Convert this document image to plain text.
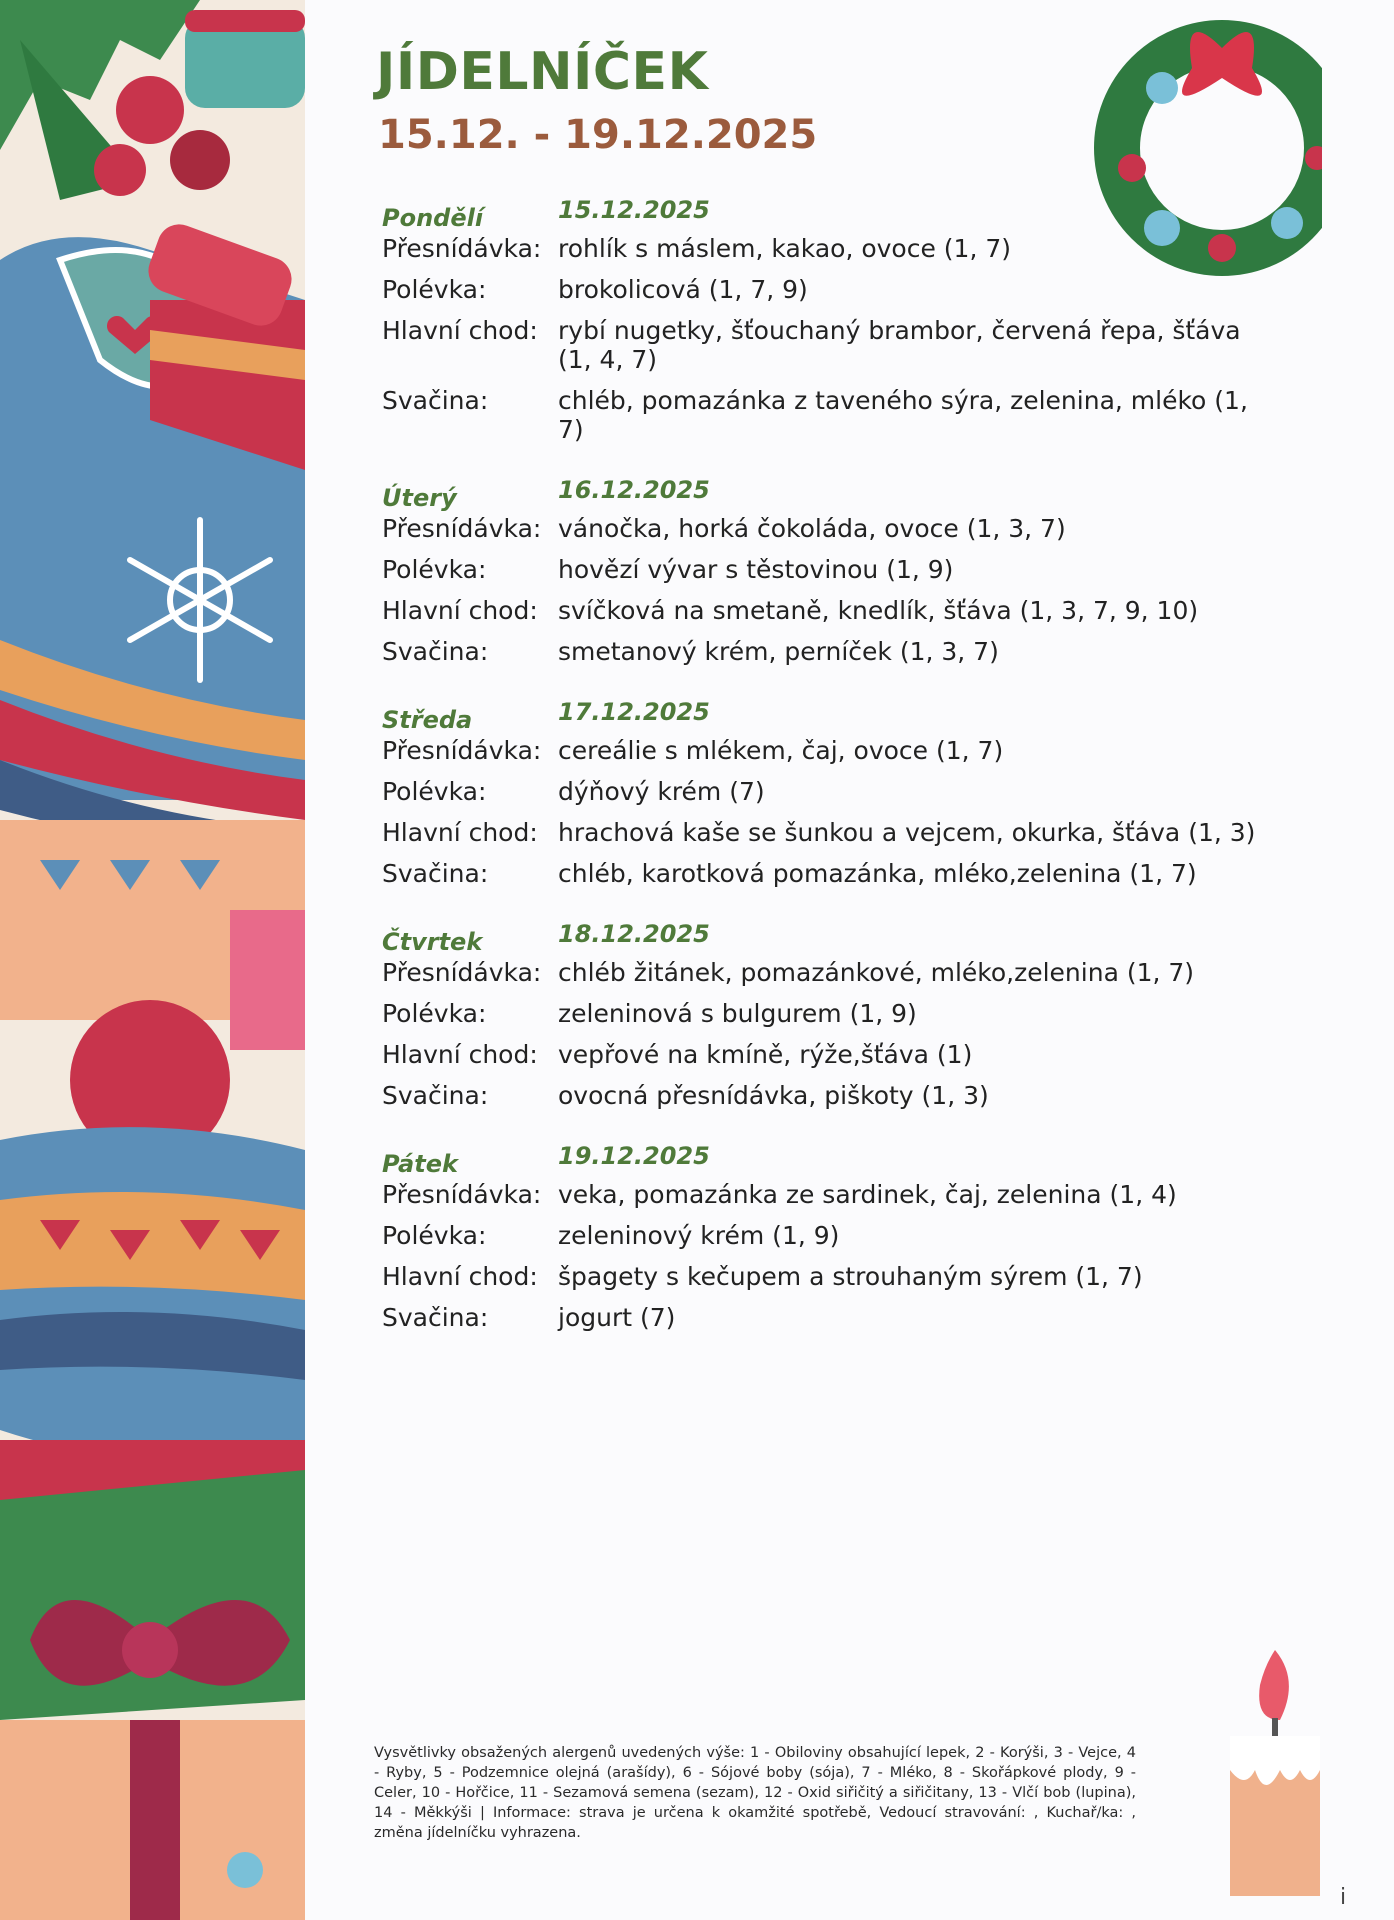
JÍDELNÍČEK
15.12. - 19.12.2025
Pondělí	15.12.2025
Přesnídávka: rohlík s máslem, kakao, ovoce (1, 7)
Polévka:	brokolicová (1, 7, 9)
Hlavní chod: rybí nugetky, šťouchaný brambor, červená řepa, šťáva (1, 4, 7)
Svačina:	chléb, pomazánka z taveného sýra, zelenina, mléko (1, 7)
Úterý	16.12.2025
Přesnídávka: vánočka, horká čokoláda, ovoce (1, 3, 7)
Polévka:	hovězí vývar s těstovinou (1, 9)
Hlavní chod: svíčková na smetaně, knedlík, šťáva (1, 3, 7, 9, 10)
Svačina:	smetanový krém, perníček (1, 3, 7)
Středa	17.12.2025
Přesnídávka: cereálie s mlékem, čaj, ovoce (1, 7)
Polévka:	dýňový krém (7)
Hlavní chod: hrachová kaše se šunkou a vejcem, okurka, šťáva (1, 3)
Svačina:	chléb, karotková pomazánka, mléko,zelenina (1, 7)
Čtvrtek	18.12.2025
Přesnídávka: chléb žitánek, pomazánkové, mléko,zelenina (1, 7)
Polévka:	zeleninová s bulgurem (1, 9)
Hlavní chod: vepřové na kmíně, rýže,šťáva (1)
Svačina:	ovocná přesnídávka, piškoty (1, 3)
Pátek	19.12.2025
Přesnídávka: veka, pomazánka ze sardinek, čaj, zelenina (1, 4)
Polévka:	zeleninový krém (1, 9)
Hlavní chod: špagety s kečupem a strouhaným sýrem (1, 7)
Svačina:	jogurt (7)
Vysvětlivky obsažených alergenů uvedených výše: 1 - Obiloviny obsahující lepek, 2 - Korýši, 3 - Vejce, 4 - Ryby, 5 - Podzemnice olejná (arašídy), 6 - Sójové boby (sója), 7 - Mléko, 8 - Skořápkové plody, 9 - Celer, 10 - Hořčice, 11 - Sezamová semena (sezam), 12 - Oxid siřičitý a siřičitany, 13 - Vlčí bob (lupina), 14 - Měkkýši | Informace: strava je určena k okamžité spotřebě, Vedoucí stravování: , Kuchař/ka: , změna jídelníčku vyhrazena.
i
